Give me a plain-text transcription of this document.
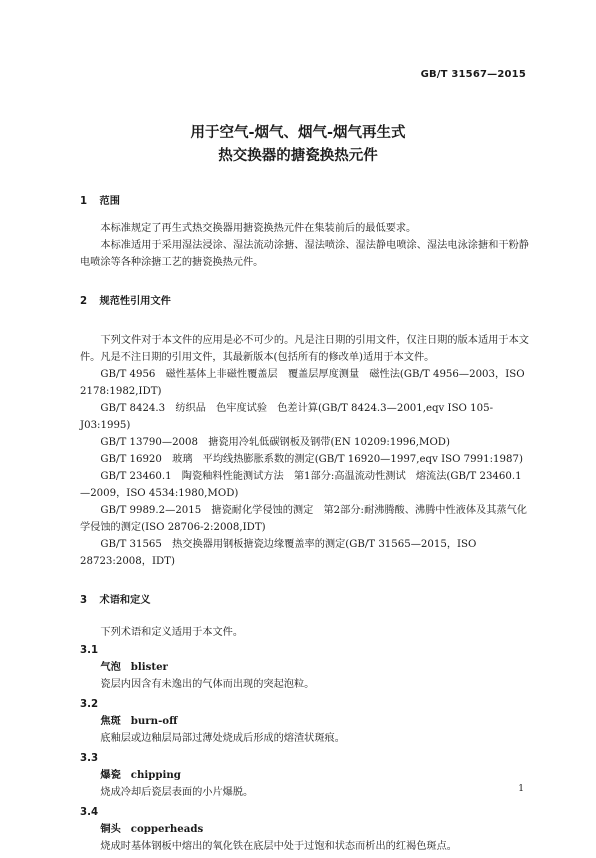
GB/T 31567—2015
用于空气-烟气、烟气-烟气再生式
热交换器的搪瓷换热元件
1 范围

本标准规定了再生式热交换器用搪瓷换热元件在集装前后的最低要求。

本标准适用于采用湿法浸涂、湿法流动涂搪、湿法喷涂、湿法静电喷涂、湿法电泳涂搪和干粉静电喷涂等各种涂搪工艺的搪瓷换热元件。

2 规范性引用文件

下列文件对于本文件的应用是必不可少的。凡是注日期的引用文件，仅注日期的版本适用于本文件。凡是不注日期的引用文件，其最新版本(包括所有的修改单)适用于本文件。

GB/T 4956　磁性基体上非磁性覆盖层　覆盖层厚度测量　磁性法(GB/T 4956—2003，ISO 2178:1982,IDT)

GB/T 8424.3　纺织品　色牢度试验　色差计算(GB/T 8424.3—2001,eqv ISO 105-J03:1995)

GB/T 13790—2008　搪瓷用冷轧低碳钢板及钢带(EN 10209:1996,MOD)

GB/T 16920　玻璃　平均线热膨胀系数的测定(GB/T 16920—1997,eqv ISO 7991:1987)

GB/T 23460.1　陶瓷釉料性能测试方法　第1部分:高温流动性测试　熔流法(GB/T 23460.1—2009，ISO 4534:1980,MOD)

GB/T 9989.2—2015　搪瓷耐化学侵蚀的测定　第2部分:耐沸腾酸、沸腾中性液体及其蒸气化学侵蚀的测定(ISO 28706-2:2008,IDT)

GB/T 31565　热交换器用钢板搪瓷边缘覆盖率的测定(GB/T 31565—2015，ISO 28723:2008，IDT)

3 术语和定义

下列术语和定义适用于本文件。

3.1
气泡 blister

瓷层内因含有未逸出的气体而出现的突起泡粒。

3.2
焦斑 burn-off

底釉层或边釉层局部过薄处烧成后形成的熔渣状斑痕。

3.3
爆瓷 chipping

烧成冷却后瓷层表面的小片爆脱。

3.4
铜头 copperheads

烧成时基体钢板中熔出的氧化铁在底层中处于过饱和状态而析出的红褐色斑点。

1
